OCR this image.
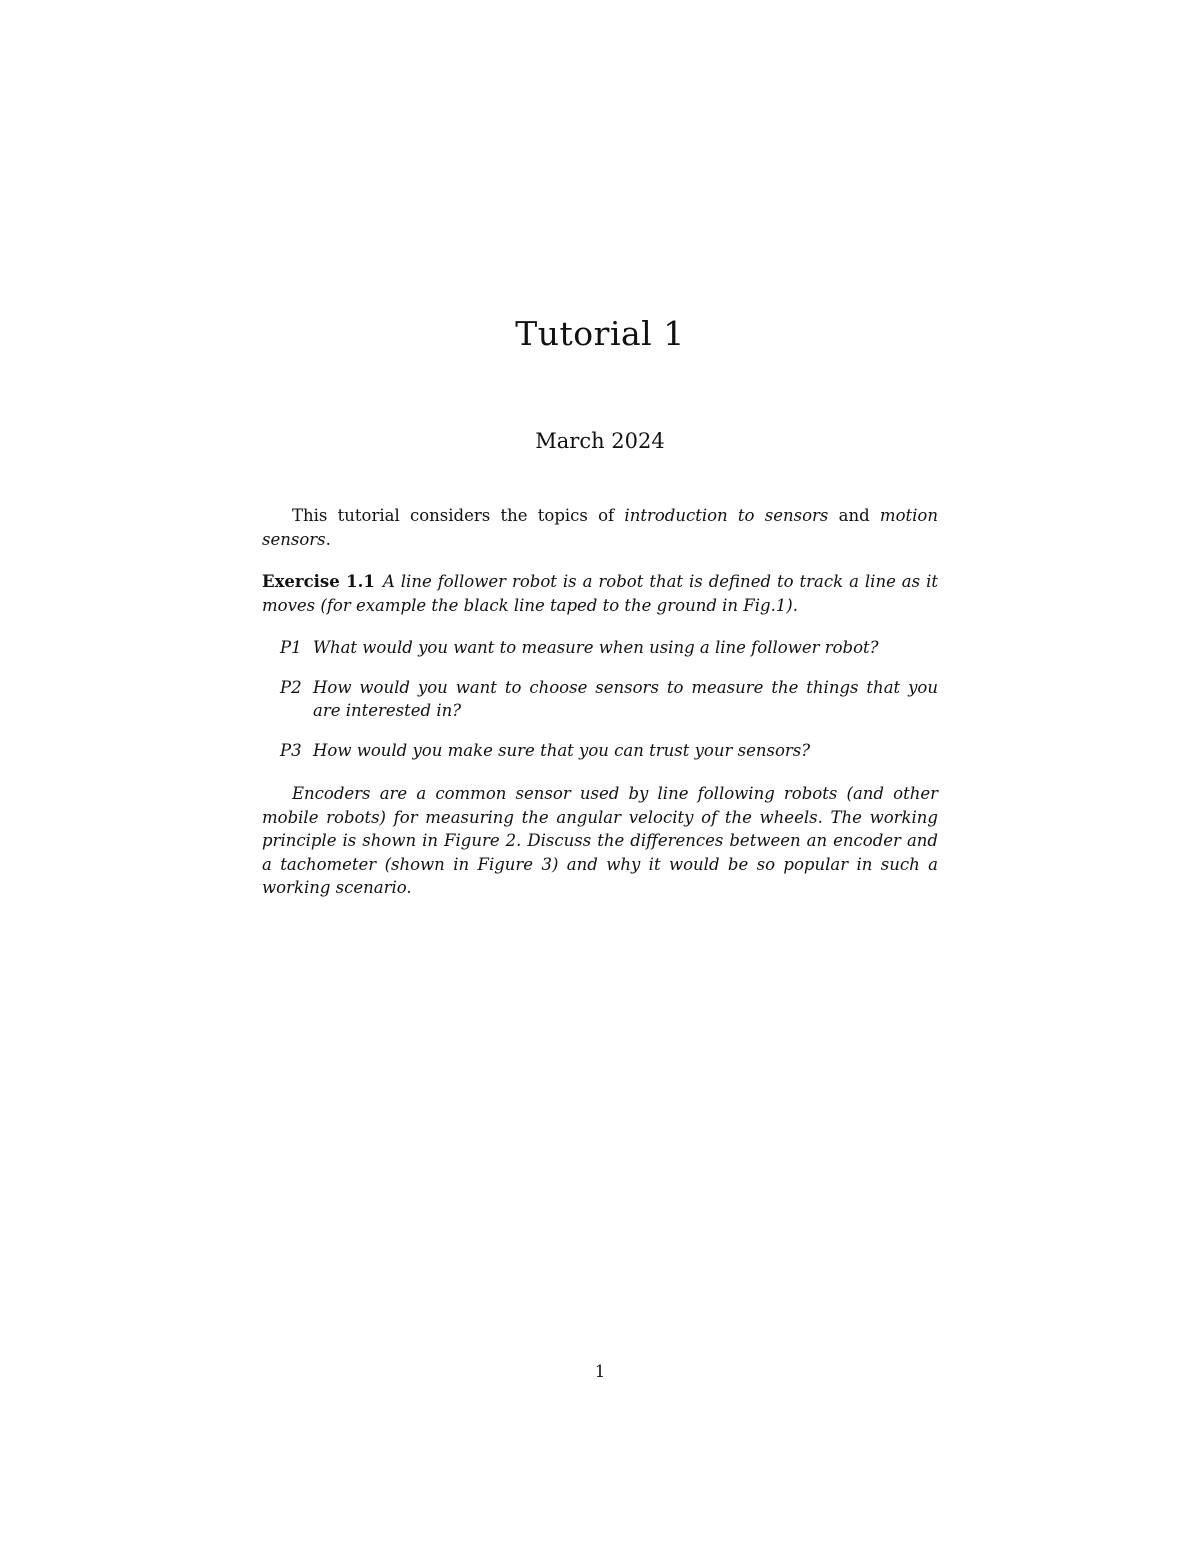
Tutorial 1
March 2024

This tutorial considers the topics of introduction to sensors and motion sensors.

Exercise 1.1 A line follower robot is a robot that is defined to track a line as it moves (for example the black line taped to the ground in Fig.1).

P1 What would you want to measure when using a line follower robot?
P2 How would you want to choose sensors to measure the things that you are interested in?
P3 How would you make sure that you can trust your sensors?

Encoders are a common sensor used by line following robots (and other mobile robots) for measuring the angular velocity of the wheels. The working principle is shown in Figure 2. Discuss the differences between an encoder and a tachometer (shown in Figure 3) and why it would be so popular in such a working scenario.

1
